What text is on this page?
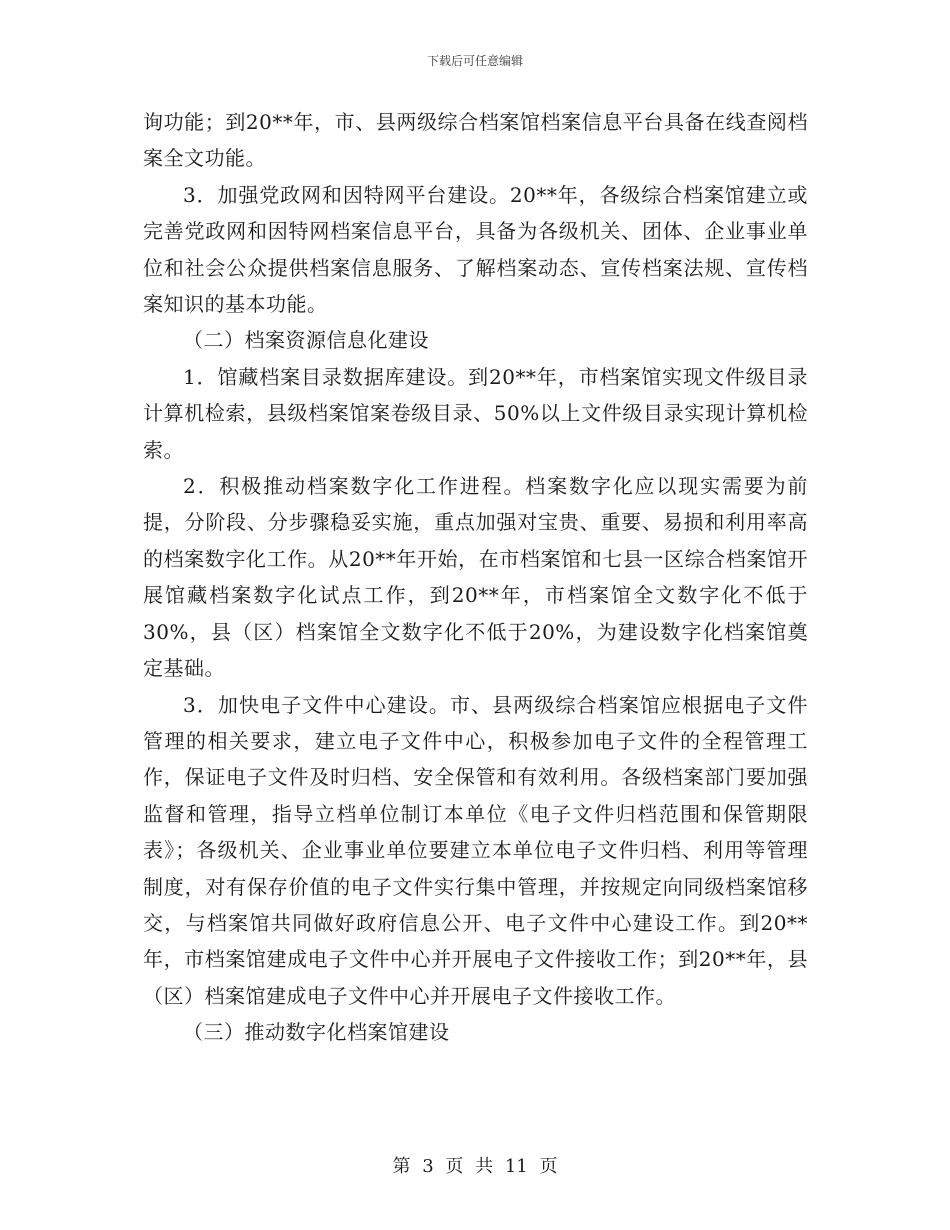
下载后可任意编辑

询功能；到20**年，市、县两级综合档案馆档案信息平台具备在线查阅档案全文功能。

3．加强党政网和因特网平台建设。20**年，各级综合档案馆建立或完善党政网和因特网档案信息平台，具备为各级机关、团体、企业事业单位和社会公众提供档案信息服务、了解档案动态、宣传档案法规、宣传档案知识的基本功能。

（二）档案资源信息化建设

1．馆藏档案目录数据库建设。到20**年，市档案馆实现文件级目录计算机检索，县级档案馆案卷级目录、50%以上文件级目录实现计算机检索。

2．积极推动档案数字化工作进程。档案数字化应以现实需要为前提，分阶段、分步骤稳妥实施，重点加强对宝贵、重要、易损和利用率高的档案数字化工作。从20**年开始，在市档案馆和七县一区综合档案馆开展馆藏档案数字化试点工作，到20**年，市档案馆全文数字化不低于30%，县（区）档案馆全文数字化不低于20%，为建设数字化档案馆奠定基础。

3．加快电子文件中心建设。市、县两级综合档案馆应根据电子文件管理的相关要求，建立电子文件中心，积极参加电子文件的全程管理工作，保证电子文件及时归档、安全保管和有效利用。各级档案部门要加强监督和管理，指导立档单位制订本单位《电子文件归档范围和保管期限表》；各级机关、企业事业单位要建立本单位电子文件归档、利用等管理制度，对有保存价值的电子文件实行集中管理，并按规定向同级档案馆移交，与档案馆共同做好政府信息公开、电子文件中心建设工作。到20**年，市档案馆建成电子文件中心并开展电子文件接收工作；到20**年，县（区）档案馆建成电子文件中心并开展电子文件接收工作。

（三）推动数字化档案馆建设

第 3 页 共 11 页
